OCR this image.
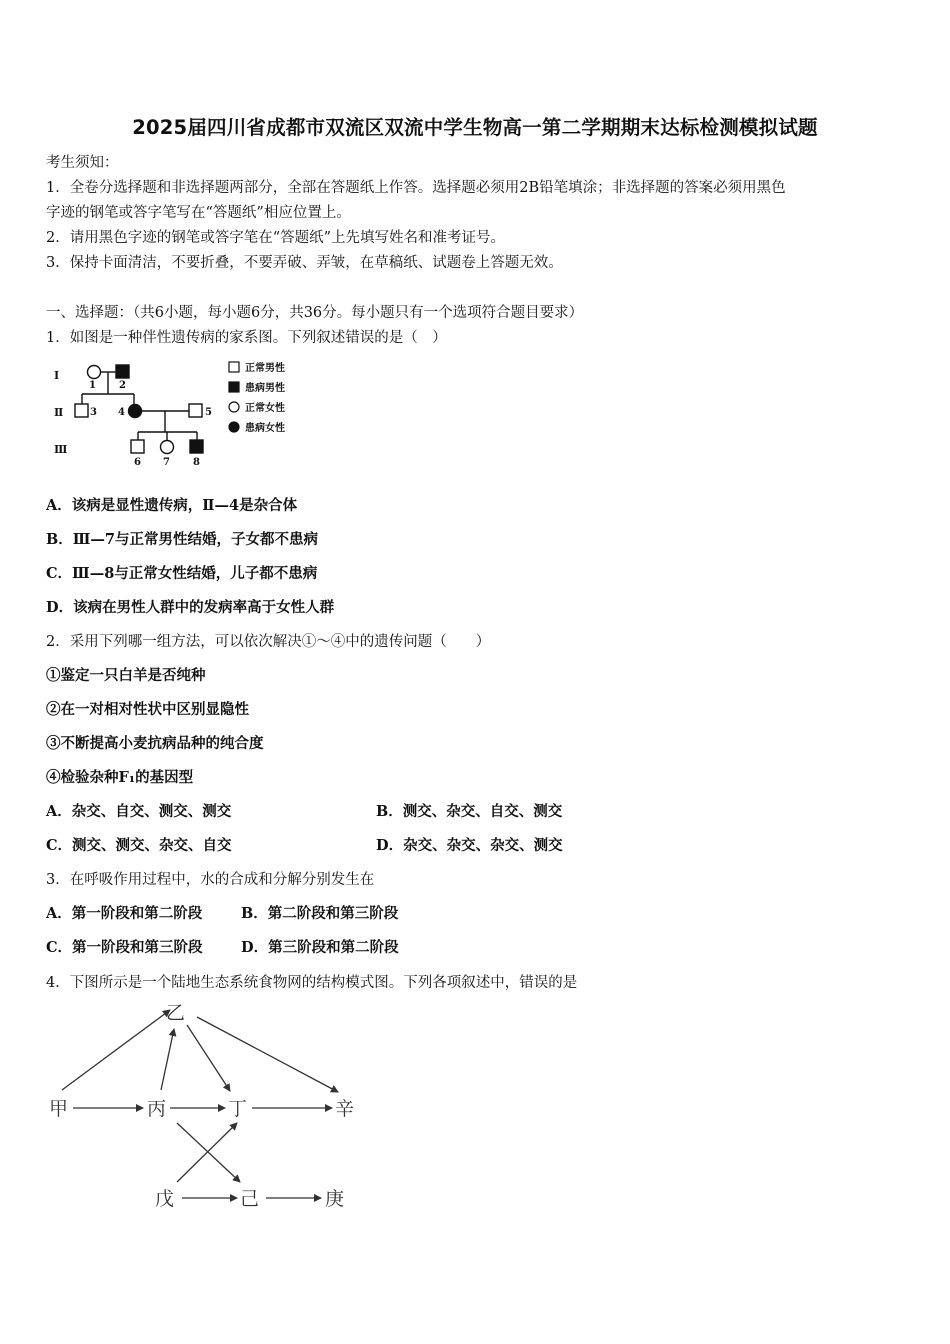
2025届四川省成都市双流区双流中学生物高一第二学期期末达标检测模拟试题
考生须知：
1．全卷分选择题和非选择题两部分，全部在答题纸上作答。选择题必须用2B铅笔填涂；非选择题的答案必须用黑色
字迹的钢笔或答字笔写在“答题纸”相应位置上。
2．请用黑色字迹的钢笔或答字笔在“答题纸”上先填写姓名和准考证号。
3．保持卡面清洁，不要折叠，不要弄破、弄皱，在草稿纸、试题卷上答题无效。
一、选择题：（共6小题，每小题6分，共36分。每小题只有一个选项符合题目要求）
1．如图是一种伴性遗传病的家系图。下列叙述错误的是（　）
Ⅰ
Ⅱ
Ⅲ
1 2
3 4	5
6 7 8
正常男性
患病男性
正常女性
患病女性
A．该病是显性遗传病，Ⅱ—4是杂合体
B．Ⅲ—7与正常男性结婚，子女都不患病
C．Ⅲ—8与正常女性结婚，儿子都不患病
D．该病在男性人群中的发病率高于女性人群
2．采用下列哪一组方法，可以依次解决①～④中的遗传问题（　　）
①鉴定一只白羊是否纯种
②在一对相对性状中区别显隐性
③不断提高小麦抗病品种的纯合度
④检验杂种F₁的基因型
A．杂交、自交、测交、测交	B．测交、杂交、自交、测交
C．测交、测交、杂交、自交	D．杂交、杂交、杂交、测交
3．在呼吸作用过程中，水的合成和分解分别发生在
A．第一阶段和第二阶段	B．第二阶段和第三阶段
C．第一阶段和第三阶段	D．第三阶段和第二阶段
4．下图所示是一个陆地生态系统食物网的结构模式图。下列各项叙述中，错误的是
乙
甲	丙	丁	辛
戊	己	庚
